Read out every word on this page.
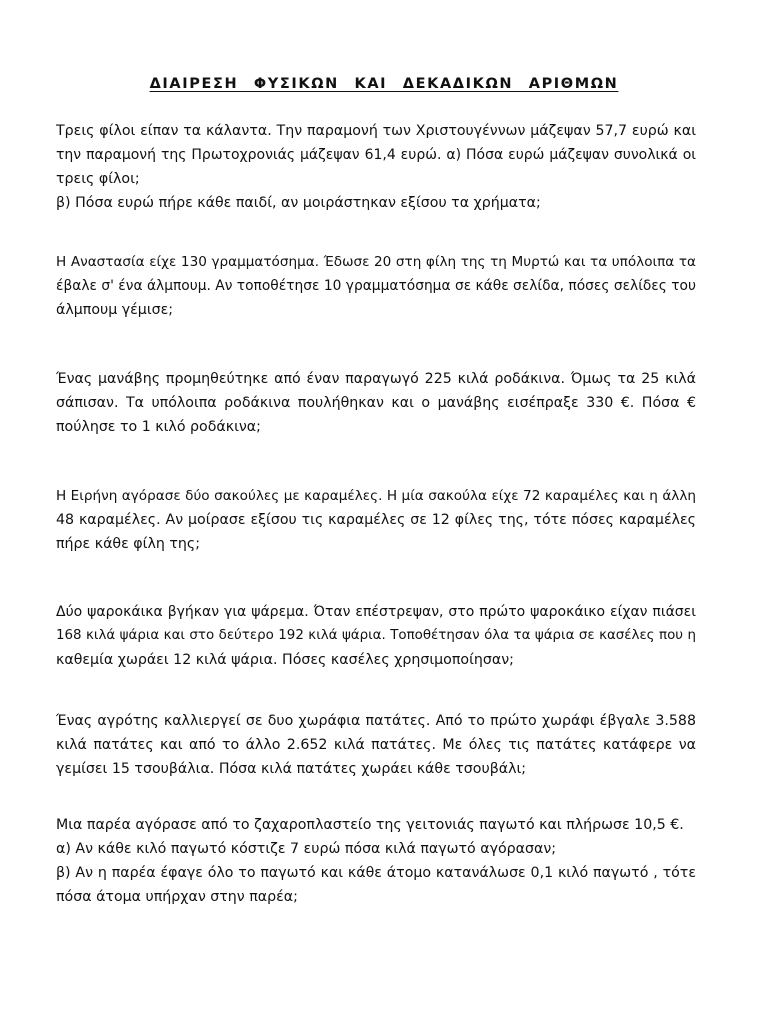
ΔΙΑΙΡΕΣΗ ΦΥΣΙΚΩΝ ΚΑΙ ΔΕΚΑΔΙΚΩΝ ΑΡΙΘΜΩΝ
Τρεις φίλοι είπαν τα κάλαντα. Την παραμονή των Χριστουγέννων μάζεψαν 57,7 ευρώ και
την παραμονή της Πρωτοχρονιάς μάζεψαν 61,4 ευρώ. α) Πόσα ευρώ μάζεψαν συνολικά οι
τρεις φίλοι;
β) Πόσα ευρώ πήρε κάθε παιδί, αν μοιράστηκαν εξίσου τα χρήματα;
Η Αναστασία είχε 130 γραμματόσημα. Έδωσε 20 στη φίλη της τη Μυρτώ και τα υπόλοιπα τα
έβαλε σ' ένα άλμπουμ. Αν τοποθέτησε 10 γραμματόσημα σε κάθε σελίδα, πόσες σελίδες του
άλμπουμ γέμισε;
Ένας μανάβης προμηθεύτηκε από έναν παραγωγό 225 κιλά ροδάκινα. Όμως τα 25 κιλά
σάπισαν. Τα υπόλοιπα ροδάκινα πουλήθηκαν και ο μανάβης εισέπραξε 330 €. Πόσα €
πούλησε το 1 κιλό ροδάκινα;
Η Ειρήνη αγόρασε δύο σακούλες με καραμέλες. Η μία σακούλα είχε 72 καραμέλες και η άλλη
48 καραμέλες. Αν μοίρασε εξίσου τις καραμέλες σε 12 φίλες της, τότε πόσες καραμέλες
πήρε κάθε φίλη της;
Δύο ψαροκάικα βγήκαν για ψάρεμα. Όταν επέστρεψαν, στο πρώτο ψαροκάικο είχαν πιάσει
168 κιλά ψάρια και στο δεύτερο 192 κιλά ψάρια. Τοποθέτησαν όλα τα ψάρια σε κασέλες που η
καθεμία χωράει 12 κιλά ψάρια. Πόσες κασέλες χρησιμοποίησαν;
Ένας αγρότης καλλιεργεί σε δυο χωράφια πατάτες. Από το πρώτο χωράφι έβγαλε 3.588
κιλά πατάτες και από το άλλο 2.652 κιλά πατάτες. Με όλες τις πατάτες κατάφερε να
γεμίσει 15 τσουβάλια. Πόσα κιλά πατάτες χωράει κάθε τσουβάλι;
Μια παρέα αγόρασε από το ζαχαροπλαστείο της γειτονιάς παγωτό και πλήρωσε 10,5 €.
α) Αν κάθε κιλό παγωτό κόστιζε 7 ευρώ πόσα κιλά παγωτό αγόρασαν;
β) Αν η παρέα έφαγε όλο το παγωτό και κάθε άτομο κατανάλωσε 0,1 κιλό παγωτό , τότε
πόσα άτομα υπήρχαν στην παρέα;
